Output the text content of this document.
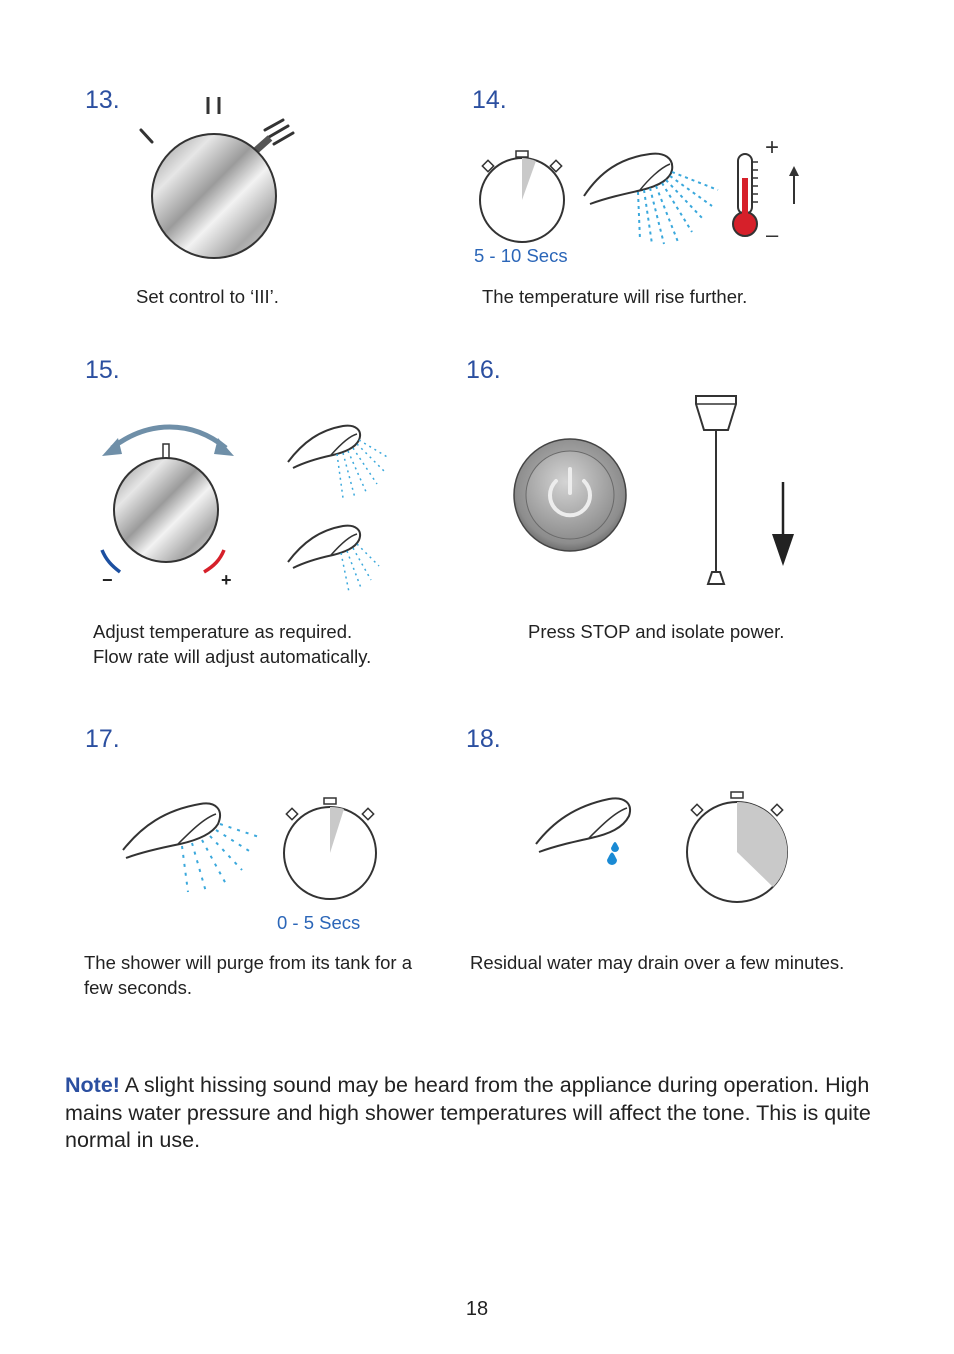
13.
Set control to ‘III’.
14.
5 - 10 Secs
+
–
The temperature will rise further.
15.
−	+
Adjust temperature as required. Flow rate will adjust automatically.
16.
Press STOP and isolate power.
17.
0 - 5 Secs
The shower will purge from its tank for a few seconds.
18.
Residual water may drain over a few minutes.
Note! A slight hissing sound may be heard from the appliance during operation. High mains water pressure and high shower temperatures will affect the tone. This is quite normal in use.
18
